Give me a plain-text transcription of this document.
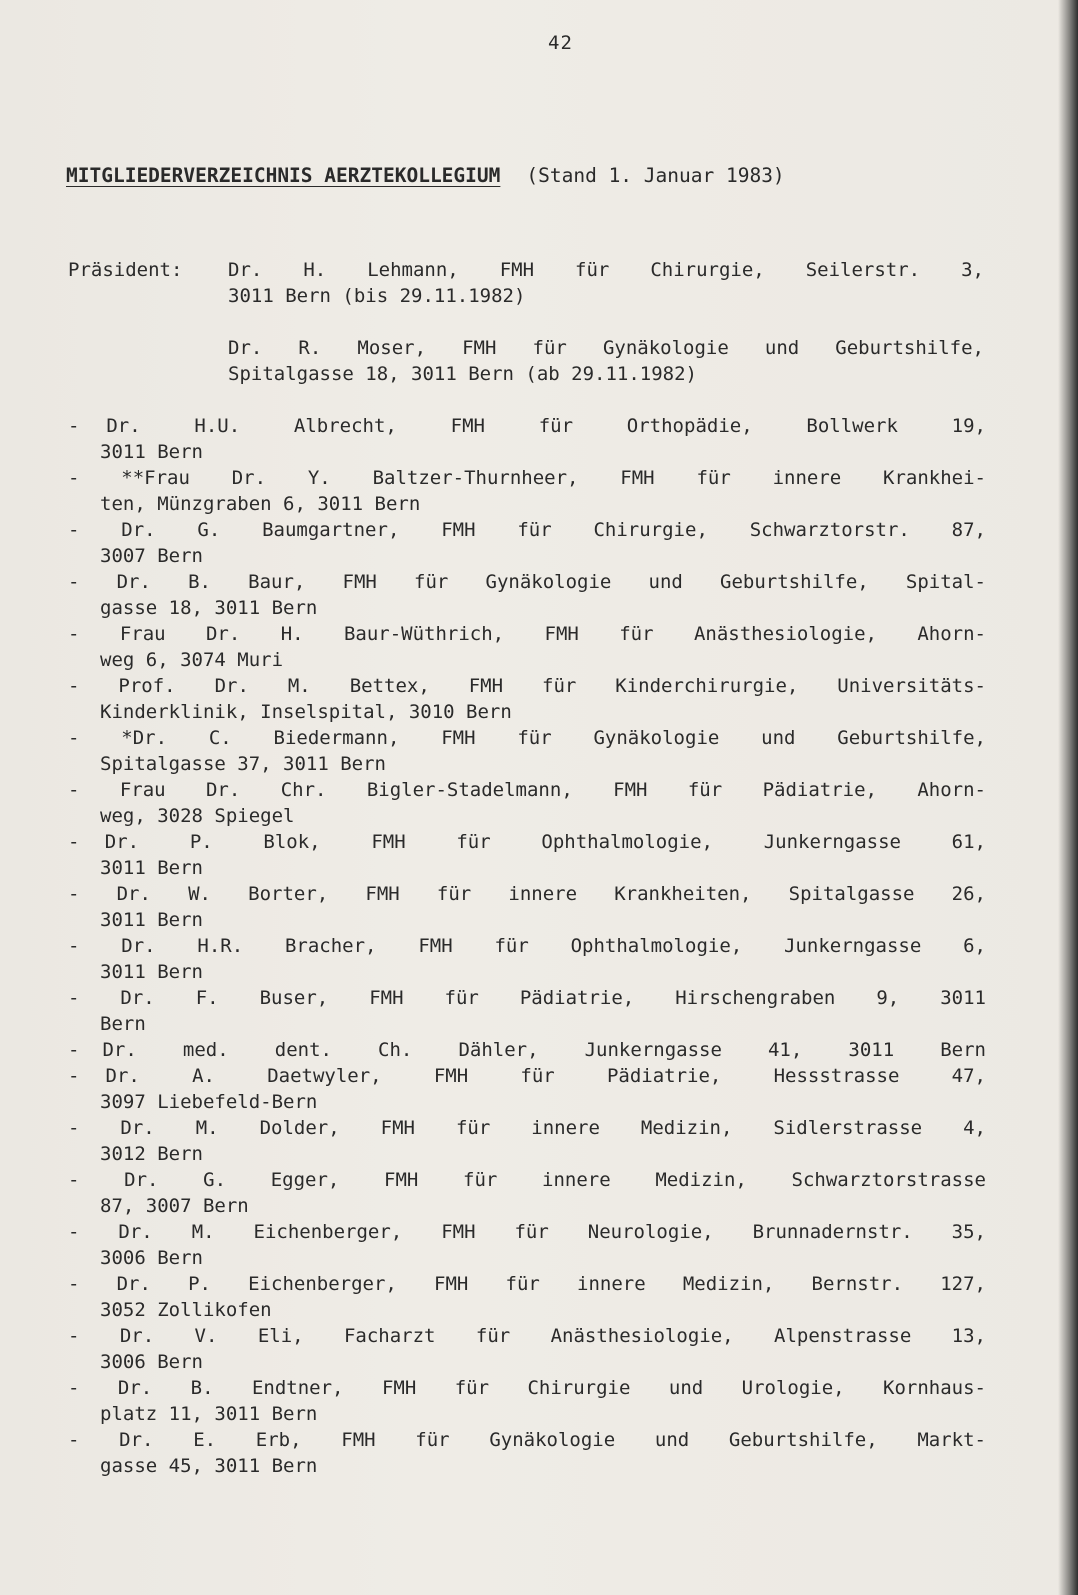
42
MITGLIEDERVERZEICHNIS AERZTEKOLLEGIUM (Stand 1. Januar 1983)
Präsident: Dr. H. Lehmann, FMH für Chirurgie, Seilerstr. 3,
3011 Bern (bis 29.11.1982)
Dr. R. Moser, FMH für Gynäkologie und Geburtshilfe,
Spitalgasse 18, 3011 Bern (ab 29.11.1982)
- Dr.  H.U.  Albrecht,  FMH  für  Orthopädie,  Bollwerk  19,
3011 Bern
- **Frau Dr. Y. Baltzer-Thurnheer, FMH für innere Krankhei-
ten, Münzgraben 6, 3011 Bern
- Dr. G. Baumgartner, FMH für Chirurgie, Schwarztorstr. 87,
3007 Bern
- Dr. B. Baur, FMH für Gynäkologie und Geburtshilfe, Spital-
gasse 18, 3011 Bern
- Frau Dr. H. Baur-Wüthrich, FMH für Anästhesiologie, Ahorn-
weg 6, 3074 Muri
- Prof. Dr. M. Bettex, FMH für Kinderchirurgie, Universitäts-
Kinderklinik, Inselspital, 3010 Bern
- *Dr. C. Biedermann, FMH für Gynäkologie und Geburtshilfe,
Spitalgasse 37, 3011 Bern
- Frau Dr. Chr. Bigler-Stadelmann, FMH für Pädiatrie, Ahorn-
weg, 3028 Spiegel
- Dr.  P.  Blok,  FMH  für  Ophthalmologie,  Junkerngasse  61,
3011 Bern
- Dr. W. Borter, FMH für innere Krankheiten, Spitalgasse 26,
3011 Bern
- Dr. H.R. Bracher, FMH für Ophthalmologie, Junkerngasse 6,
3011 Bern
- Dr. F. Buser, FMH für Pädiatrie, Hirschengraben 9, 3011
Bern
- Dr.  med.  dent.  Ch.  Dähler,  Junkerngasse  41,  3011  Bern
- Dr.  A.  Daetwyler,  FMH  für  Pädiatrie,  Hessstrasse  47,
3097 Liebefeld-Bern
- Dr. M. Dolder, FMH für innere Medizin, Sidlerstrasse 4,
3012 Bern
- Dr. G. Egger, FMH für innere Medizin, Schwarztorstrasse
87, 3007 Bern
- Dr. M. Eichenberger, FMH für Neurologie, Brunnadernstr. 35,
3006 Bern
- Dr. P. Eichenberger, FMH für innere Medizin, Bernstr. 127,
3052 Zollikofen
- Dr. V. Eli, Facharzt für Anästhesiologie, Alpenstrasse 13,
3006 Bern
- Dr. B. Endtner, FMH für Chirurgie und Urologie, Kornhaus-
platz 11, 3011 Bern
- Dr. E. Erb, FMH für Gynäkologie und Geburtshilfe, Markt-
gasse 45, 3011 Bern
